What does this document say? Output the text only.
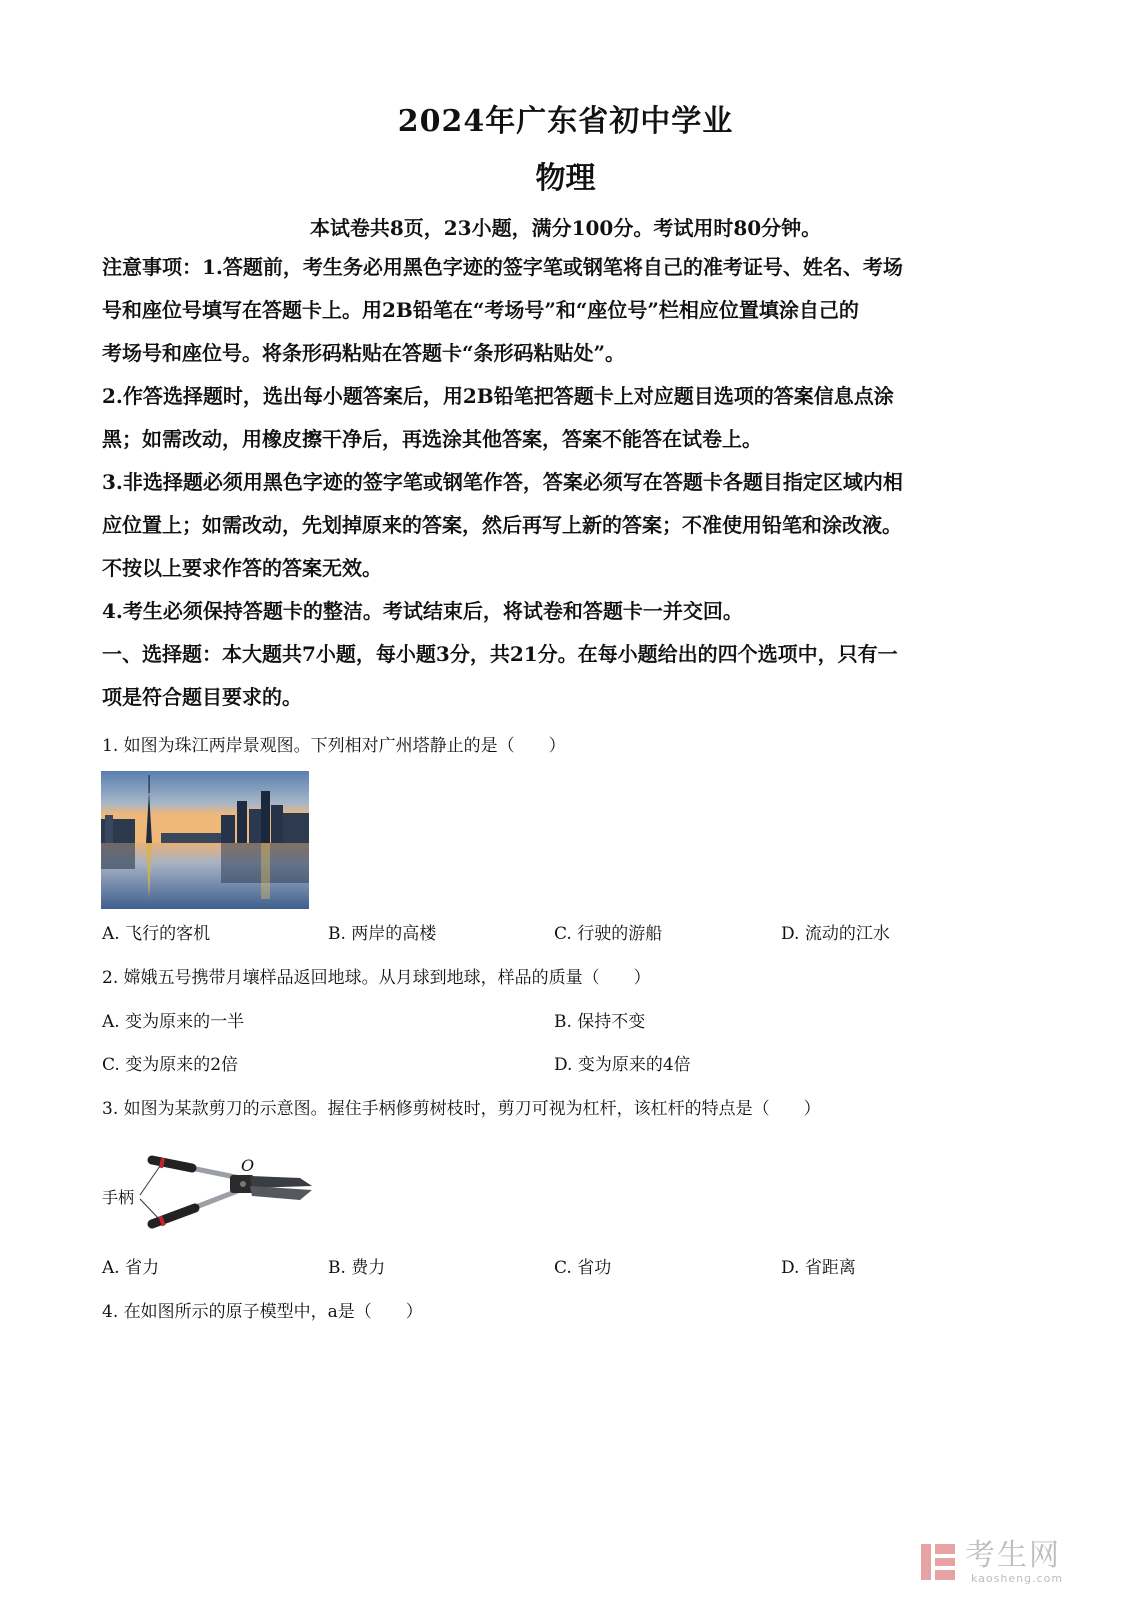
2024年广东省初中学业
物理
本试卷共8页，23小题，满分100分。考试用时80分钟。

注意事项：1.答题前，考生务必用黑色字迹的签字笔或钢笔将自己的准考证号、姓名、考场

号和座位号填写在答题卡上。用2B铅笔在“考场号”和“座位号”栏相应位置填涂自己的

考场号和座位号。将条形码粘贴在答题卡“条形码粘贴处”。

2.作答选择题时，选出每小题答案后，用2B铅笔把答题卡上对应题目选项的答案信息点涂

黑；如需改动，用橡皮擦干净后，再选涂其他答案，答案不能答在试卷上。

3.非选择题必须用黑色字迹的签字笔或钢笔作答，答案必须写在答题卡各题目指定区域内相

应位置上；如需改动，先划掉原来的答案，然后再写上新的答案；不准使用铅笔和涂改液。

不按以上要求作答的答案无效。

4.考生必须保持答题卡的整洁。考试结束后，将试卷和答题卡一并交回。

一、选择题：本大题共7小题，每小题3分，共21分。在每小题给出的四个选项中，只有一

项是符合题目要求的。

1. 如图为珠江两岸景观图。下列相对广州塔静止的是（　　）
A. 飞行的客机	B. 两岸的高楼	C. 行驶的游船	D. 流动的江水
2. 嫦娥五号携带月壤样品返回地球。从月球到地球，样品的质量（　　）
A. 变为原来的一半	B. 保持不变
C. 变为原来的2倍	D. 变为原来的4倍
3. 如图为某款剪刀的示意图。握住手柄修剪树枝时，剪刀可视为杠杆，该杠杆的特点是（　　）
手柄
O
A. 省力	B. 费力	C. 省功	D. 省距离
4. 在如图所示的原子模型中，a是（　　）
考生网
kaosheng.com
